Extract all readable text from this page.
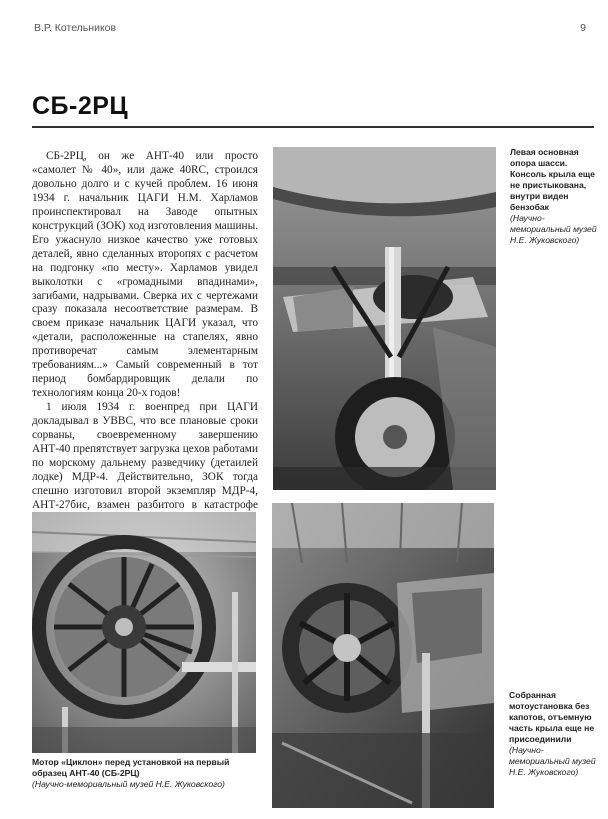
В.Р. Котельников	9
СБ-2РЦ

СБ-2РЦ, он же АНТ-40 или просто «самолет № 40», или даже 40RC, строился довольно долго и с кучей проблем. 16 июня 1934 г. начальник ЦАГИ Н.М. Харламов проинспектировал на Заводе опытных конструкций (ЗОК) ход изготовления машины. Его ужаснуло низкое качество уже готовых деталей, явно сделанных второпях с расчетом на подгонку «по месту». Харламов увидел выколотки с «громадными впадинами», загибами, надрывами. Сверка их с чертежами сразу показала несоответствие размерам. В своем приказе начальник ЦАГИ указал, что «детали, расположенные на стапелях, явно противоречат самым элементарным требованиям...» Самый современный в тот период бомбардировщик делали по технологиям конца 20-х годов!

1 июля 1934 г. военпред при ЦАГИ докладывал в УВВС, что все плановые сроки сорваны, своевременному завершению АНТ-40 препятствует загрузка цехов работами по морскому дальнему разведчику (детаилей лодке) МДР-4. Действительно, ЗОК тогда спешно изготовил второй экземпляр МДР-4, АНТ-27бис, взамен разбитого в катастрофе

Левая основная опора шасси. Консоль крыла еще не пристыкована, внутри виден бензобак
(Научно-мемориальный музей Н.Е. Жуковского)
Мотор «Циклон» перед установкой на первый образец АНТ-40 (СБ-2РЦ)
(Научно-мемориальный музей Н.Е. Жуковского)
Собранная мотоустановка без капотов, отъемную часть крыла еще не присоединили
(Научно-мемориальный музей Н.Е. Жуковского)
